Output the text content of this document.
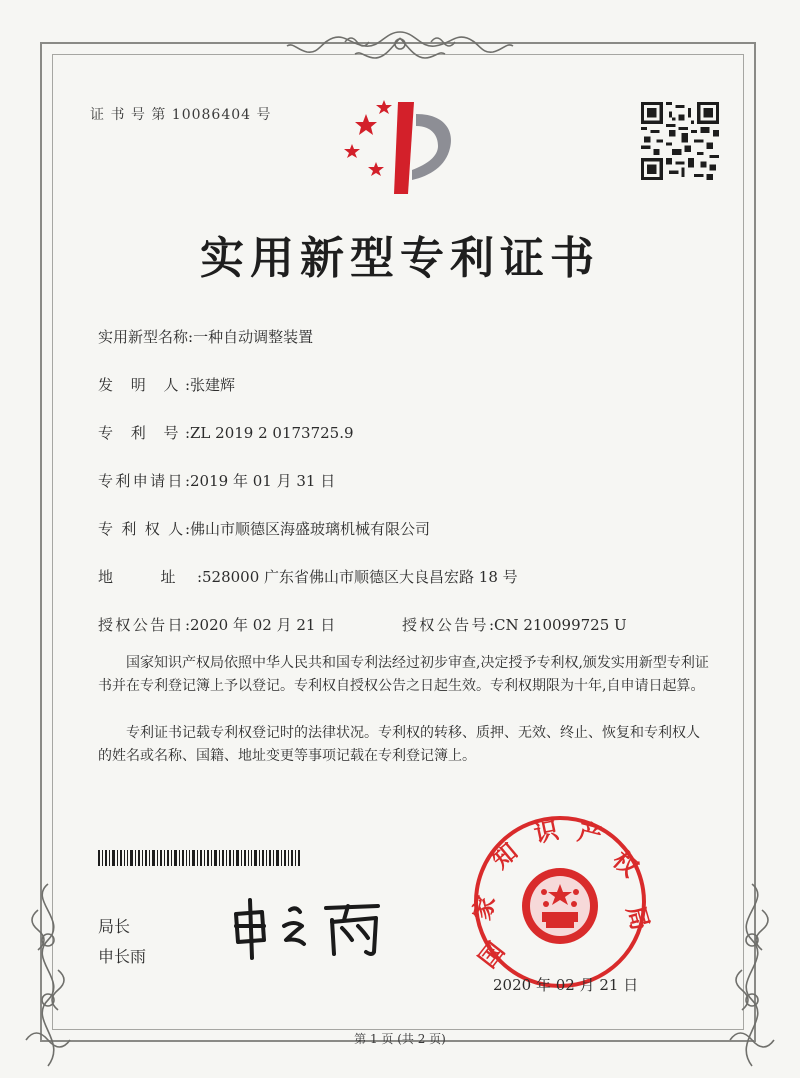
证 书 号 第 10086404 号
实用新型专利证书
实用新型名称:一种自动调整装置
发 明 人:张建辉
专 利 号:ZL 2019 2 0173725.9
专利申请日:2019 年 01 月 31 日
专 利 权 人:佛山市顺德区海盛玻璃机械有限公司
地 址:528000 广东省佛山市顺德区大良昌宏路 18 号
授权公告日:2020 年 02 月 21 日	授权公告号:CN 210099725 U
国家知识产权局依照中华人民共和国专利法经过初步审查,决定授予专利权,颁发实用新型专利证书并在专利登记簿上予以登记。专利权自授权公告之日起生效。专利权期限为十年,自申请日起算。
专利证书记载专利权登记时的法律状况。专利权的转移、质押、无效、终止、恢复和专利权人的姓名或名称、国籍、地址变更等事项记载在专利登记簿上。
局长
申长雨	国
家
知
识 产
权
局
2020 年 02 月 21 日
第 1 页 (共 2 页)
